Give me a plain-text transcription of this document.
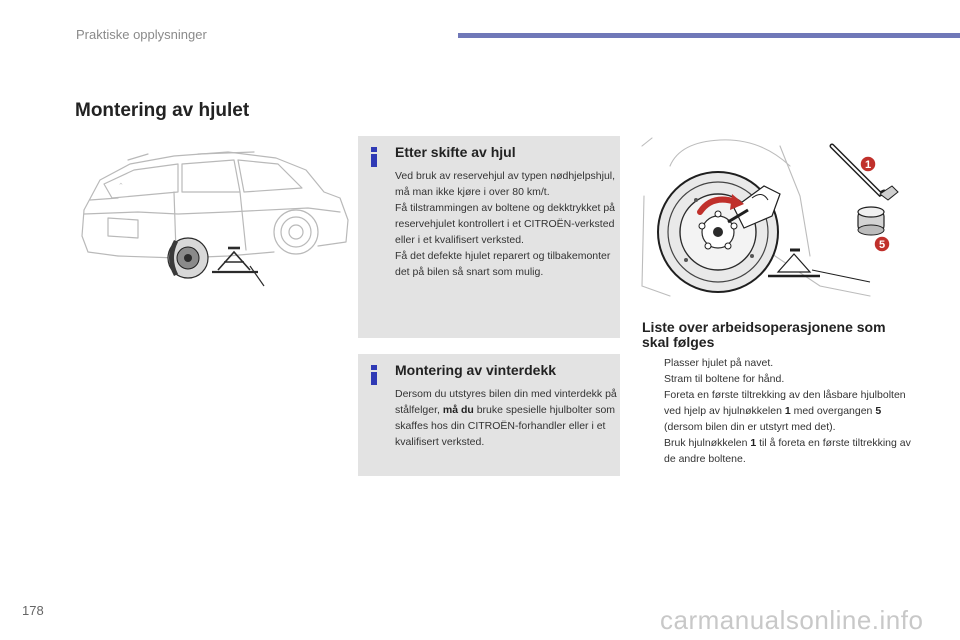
Praktiske opplysninger
Montering av hjulet
⌃
Etter skifte av hjul

Ved bruk av reservehjul av typen nødhjelpshjul, må man ikke kjøre i over 80 km/t.

Få tilstrammingen av boltene og dekktrykket på reservehjulet kontrollert i et CITROËN-verksted eller i et kvalifisert verksted.

Få det defekte hjulet reparert og tilbakemonter det på bilen så snart som mulig.

Montering av vinterdekk

Dersom du utstyres bilen din med vinterdekk på stålfelger, må du bruke spesielle hjulbolter som skaffes hos din CITROËN-forhandler eller i et kvalifisert verksted.

1
5
Liste over arbeidsoperasjonene som skal følges
Plasser hjulet på navet.
Stram til boltene for hånd.
Foreta en første tiltrekking av den låsbare hjulbolten ved hjelp av hjulnøkkelen 1 med overgangen 5 (dersom bilen din er utstyrt med det).
Bruk hjulnøkkelen 1 til å foreta en første tiltrekking av de andre boltene.
178	carmanualsonline.info
